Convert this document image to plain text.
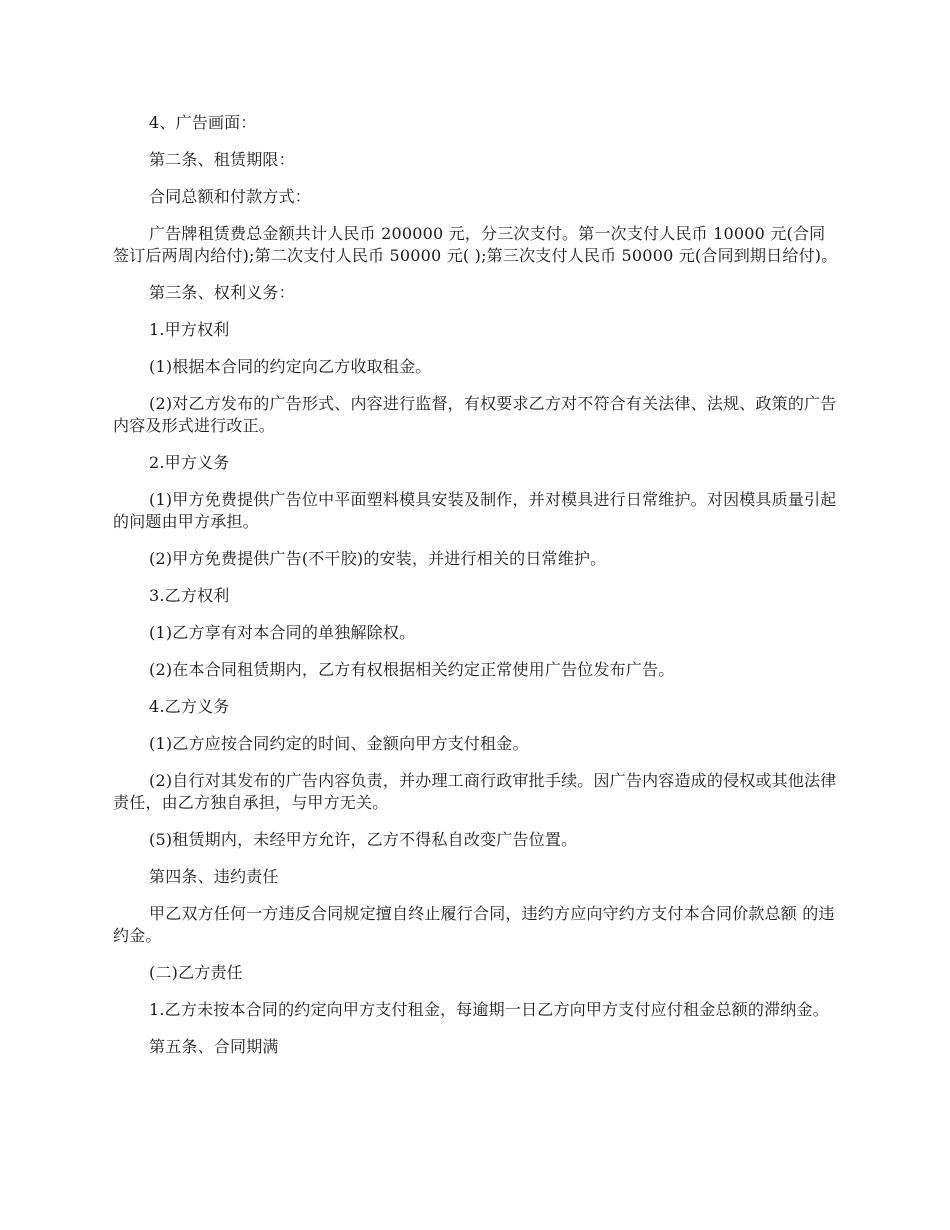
4、广告画面：

第二条、租赁期限：

合同总额和付款方式：

广告牌租赁费总金额共计人民币 200000 元，分三次支付。第一次支付人民币 10000 元(合同签订后两周内给付);第二次支付人民币 50000 元( );第三次支付人民币 50000 元(合同到期日给付)。

第三条、权利义务：

1.甲方权利

(1)根据本合同的约定向乙方收取租金。

(2)对乙方发布的广告形式、内容进行监督，有权要求乙方对不符合有关法律、法规、政策的广告内容及形式进行改正。

2.甲方义务

(1)甲方免费提供广告位中平面塑料模具安装及制作，并对模具进行日常维护。对因模具质量引起的问题由甲方承担。

(2)甲方免费提供广告(不干胶)的安装，并进行相关的日常维护。

3.乙方权利

(1)乙方享有对本合同的单独解除权。

(2)在本合同租赁期内，乙方有权根据相关约定正常使用广告位发布广告。

4.乙方义务

(1)乙方应按合同约定的时间、金额向甲方支付租金。

(2)自行对其发布的广告内容负责，并办理工商行政审批手续。因广告内容造成的侵权或其他法律责任，由乙方独自承担，与甲方无关。

(5)租赁期内，未经甲方允许，乙方不得私自改变广告位置。

第四条、违约责任

甲乙双方任何一方违反合同规定擅自终止履行合同，违约方应向守约方支付本合同价款总额 的违约金。

(二)乙方责任

1.乙方未按本合同的约定向甲方支付租金，每逾期一日乙方向甲方支付应付租金总额的滞纳金。

第五条、合同期满
